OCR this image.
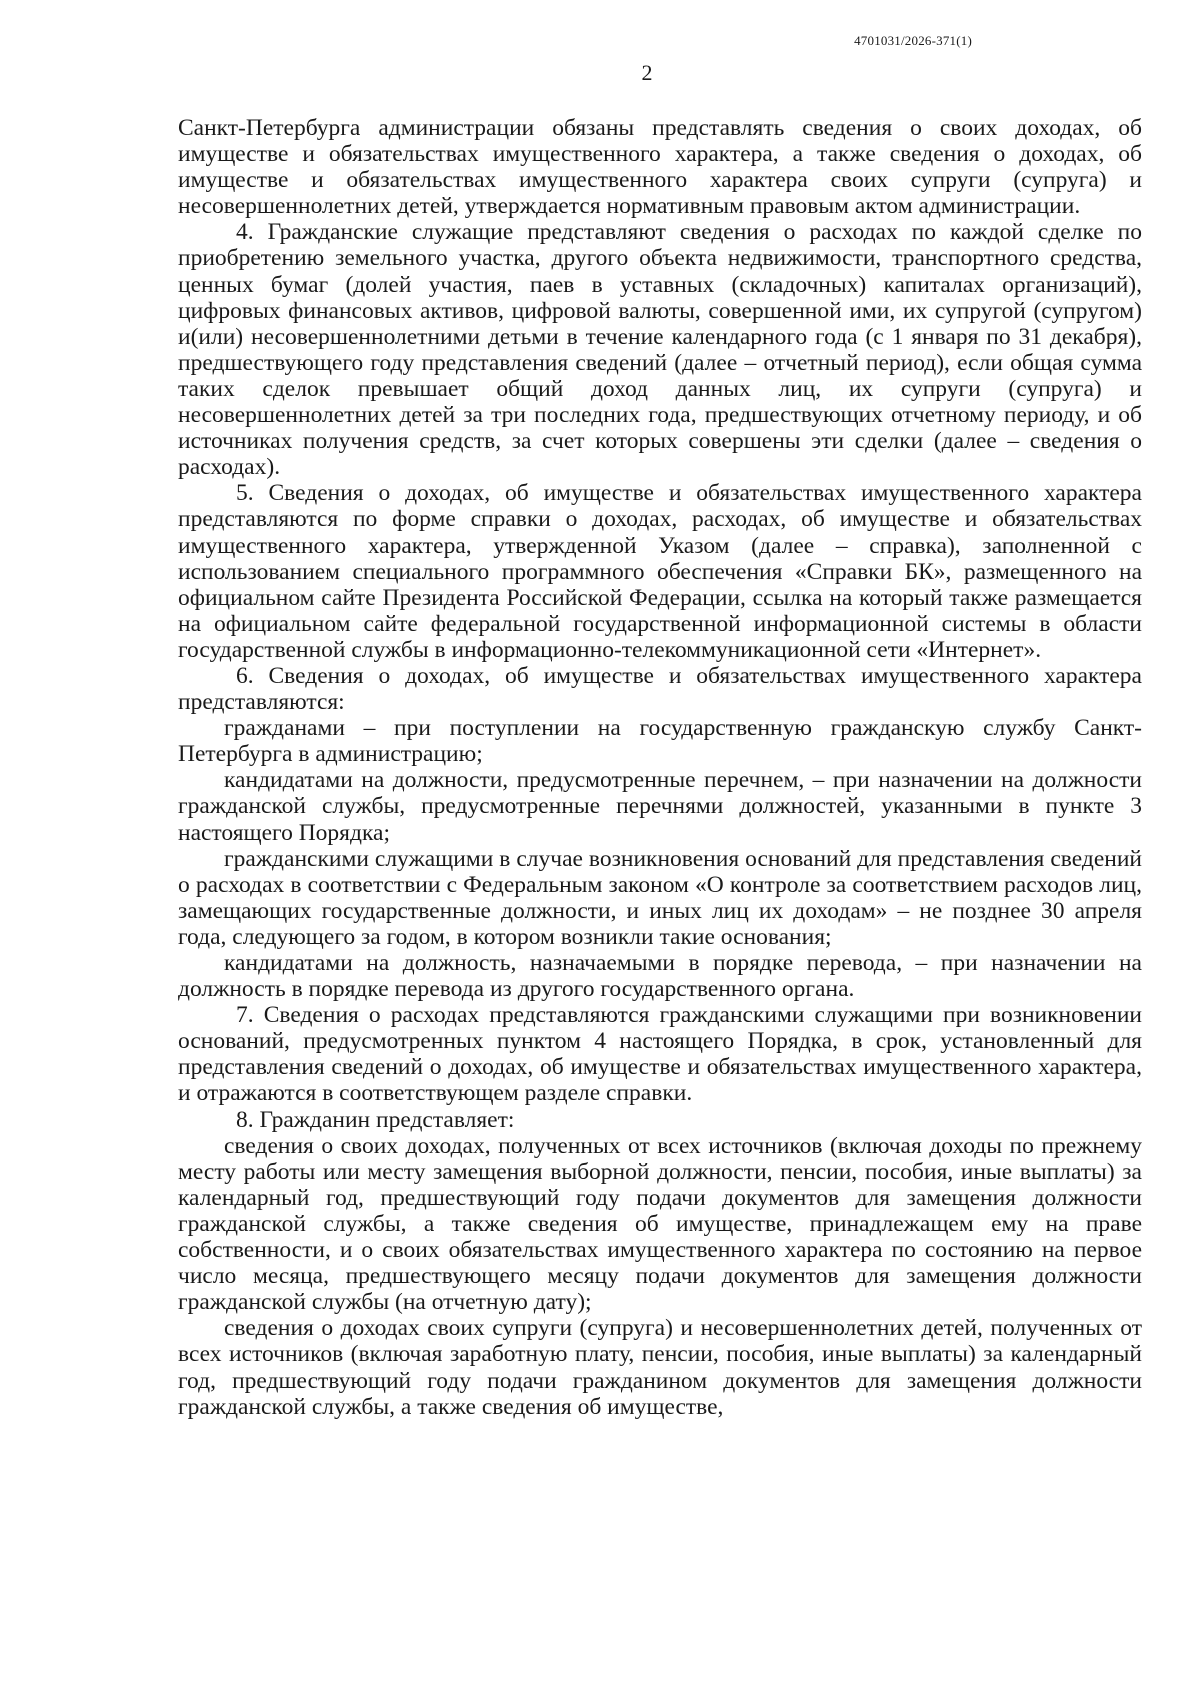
4701031/2026-371(1)
2

Санкт-Петербурга администрации обязаны представлять сведения о своих доходах, об имуществе и обязательствах имущественного характера, а также сведения о доходах, об имуществе и обязательствах имущественного характера своих супруги (супруга) и несовершеннолетних детей, утверждается нормативным правовым актом администрации.

4. Гражданские служащие представляют сведения о расходах по каждой сделке по приобретению земельного участка, другого объекта недвижимости, транспортного средства, ценных бумаг (долей участия, паев в уставных (складочных) капиталах организаций), цифровых финансовых активов, цифровой валюты, совершенной ими, их супругой (супругом) и(или) несовершеннолетними детьми в течение календарного года (с 1 января по 31 декабря), предшествующего году представления сведений (далее – отчетный период), если общая сумма таких сделок превышает общий доход данных лиц, их супруги (супруга) и несовершеннолетних детей за три последних года, предшествующих отчетному периоду, и об источниках получения средств, за счет которых совершены эти сделки (далее – сведения о расходах).

5. Сведения о доходах, об имуществе и обязательствах имущественного характера представляются по форме справки о доходах, расходах, об имуществе и обязательствах имущественного характера, утвержденной Указом (далее – справка), заполненной с использованием специального программного обеспечения «Справки БК», размещенного на официальном сайте Президента Российской Федерации, ссылка на который также размещается на официальном сайте федеральной государственной информационной системы в области государственной службы в информационно-телекоммуникационной сети «Интернет».

6. Сведения о доходах, об имуществе и обязательствах имущественного характера представляются:

гражданами – при поступлении на государственную гражданскую службу Санкт-Петербурга в администрацию;

кандидатами на должности, предусмотренные перечнем, – при назначении на должности гражданской службы, предусмотренные перечнями должностей, указанными в пункте 3 настоящего Порядка;

гражданскими служащими в случае возникновения оснований для представления сведений о расходах в соответствии с Федеральным законом «О контроле за соответствием расходов лиц, замещающих государственные должности, и иных лиц их доходам» – не позднее 30 апреля года, следующего за годом, в котором возникли такие основания;

кандидатами на должность, назначаемыми в порядке перевода, – при назначении на должность в порядке перевода из другого государственного органа.

7. Сведения о расходах представляются гражданскими служащими при возникновении оснований, предусмотренных пунктом 4 настоящего Порядка, в срок, установленный для представления сведений о доходах, об имуществе и обязательствах имущественного характера, и отражаются в соответствующем разделе справки.

8. Гражданин представляет:

сведения о своих доходах, полученных от всех источников (включая доходы по прежнему месту работы или месту замещения выборной должности, пенсии, пособия, иные выплаты) за календарный год, предшествующий году подачи документов для замещения должности гражданской службы, а также сведения об имуществе, принадлежащем ему на праве собственности, и о своих обязательствах имущественного характера по состоянию на первое число месяца, предшествующего месяцу подачи документов для замещения должности гражданской службы (на отчетную дату);

сведения о доходах своих супруги (супруга) и несовершеннолетних детей, полученных от всех источников (включая заработную плату, пенсии, пособия, иные выплаты) за календарный год, предшествующий году подачи гражданином документов для замещения должности гражданской службы, а также сведения об имуществе,
